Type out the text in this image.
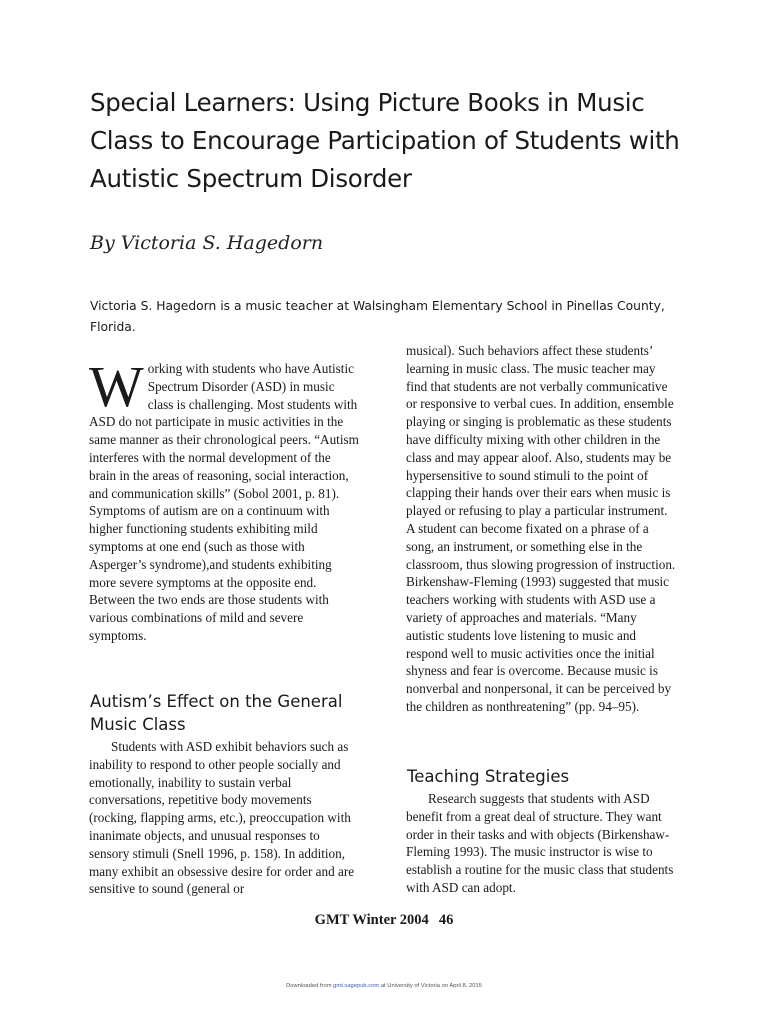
Special Learners: Using Picture Books in Music Class to Encourage Participation of Students with Autistic Spectrum Disorder
By Victoria S. Hagedorn
Victoria S. Hagedorn is a music teacher at Walsingham Elementary School in Pinellas County, Florida.

Working with students who have Autistic Spectrum Disorder (ASD) in music class is challenging. Most students with ASD do not participate in music activities in the same manner as their chronological peers. “Autism interferes with the normal development of the brain in the areas of reasoning, social interaction, and communication skills” (Sobol 2001, p. 81). Symptoms of autism are on a continuum with higher functioning students exhibiting mild symptoms at one end (such as those with Asperger’s syndrome),and students exhibiting more severe symptoms at the opposite end. Between the two ends are those students with various combinations of mild and severe symptoms.

Autism’s Effect on the General Music Class

Students with ASD exhibit behaviors such as inability to respond to other people socially and emotionally, inability to sustain verbal conversations, repetitive body movements (rocking, flapping arms, etc.), preoccupation with inanimate objects, and unusual responses to sensory stimuli (Snell 1996, p. 158). In addition, many exhibit an obsessive desire for order and are sensitive to sound (general or

musical). Such behaviors affect these students’ learning in music class. The music teacher may find that students are not verbally communicative or responsive to verbal cues. In addition, ensemble playing or singing is problematic as these students have difficulty mixing with other children in the class and may appear aloof. Also, students may be hypersensitive to sound stimuli to the point of clapping their hands over their ears when music is played or refusing to play a particular instrument. A student can become fixated on a phrase of a song, an instrument, or something else in the classroom, thus slowing progression of instruction. Birkenshaw-Fleming (1993) suggested that music teachers working with students with ASD use a variety of approaches and materials. “Many autistic students love listening to music and respond well to music activities once the initial shyness and fear is overcome. Because music is nonverbal and nonpersonal, it can be perceived by the children as nonthreatening” (pp. 94–95).

Teaching Strategies

Research suggests that students with ASD benefit from a great deal of structure. They want order in their tasks and with objects (Birkenshaw-Fleming 1993). The music instructor is wise to establish a routine for the music class that students with ASD can adopt.

GMT Winter 2004 46
Downloaded from gmt.sagepub.com at University of Victoria on April 8, 2015
